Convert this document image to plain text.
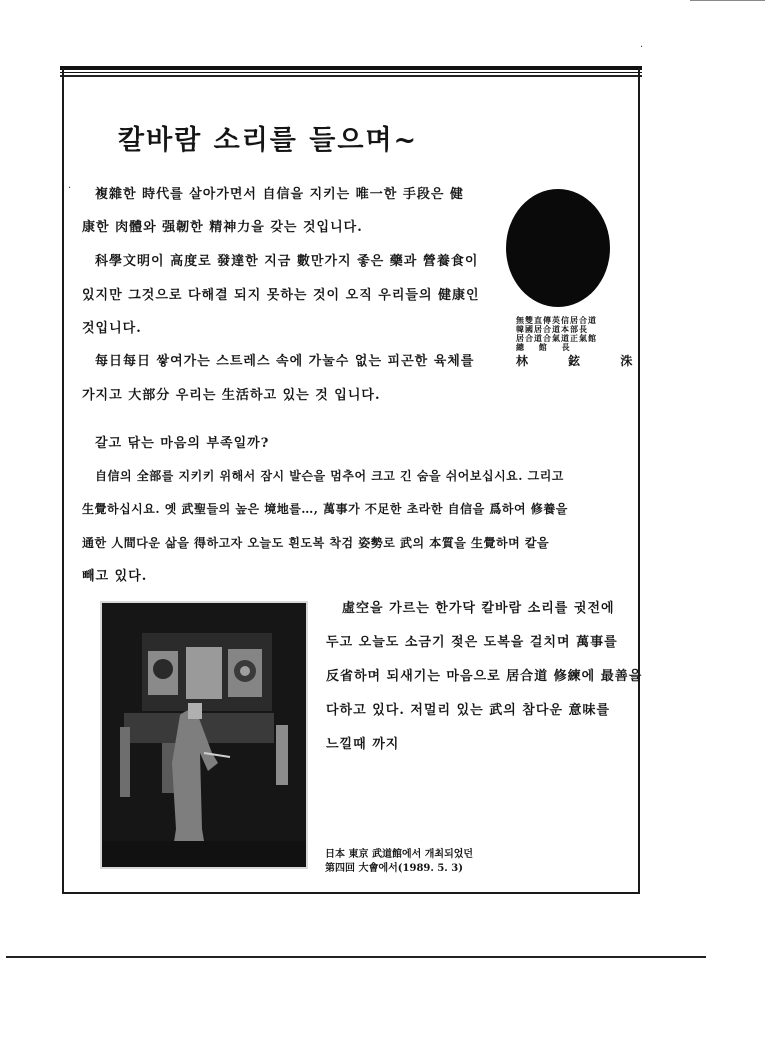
·
·
칼바람 소리를 들으며~
複雜한 時代를 살아가면서 自信을 지키는 唯一한 手段은 健
康한 肉體와 强韌한 精神力을 갖는 것입니다.
科學文明이 高度로 發達한 지금 數만가지 좋은 藥과 營養食이
있지만 그것으로 다해결 되지 못하는 것이 오직 우리들의 健康인
것입니다.
每日每日 쌓여가는 스트레스 속에 가눌수 없는 피곤한 육체를
가지고 大部分 우리는 生活하고 있는 것 입니다.
無雙直傳英信居合道
韓國居合道本部長
居合道合氣道正氣館
總 館 長
林 鉉 洙
갈고 닦는 마음의 부족일까?
自信의 全部를 지키키 위해서 잠시 발슨을 멈추어 크고 긴 숨을 쉬어보십시요. 그리고
生覺하십시요. 옛 武聖들의 높은 境地를…, 萬事가 不足한 초라한 自信을 爲하여 修養을
通한 人間다운 삶을 得하고자 오늘도 흰도복 착검 姿勢로 武의 本質을 生覺하며 칼을
빼고 있다.
虛空을 가르는 한가닥 칼바람 소리를 귓전에
두고 오늘도 소금기 젖은 도복을 걸치며 萬事를
反省하며 되새기는 마음으로 居合道 修練에 最善을
다하고 있다. 저멀리 있는 武의 참다운 意味를
느낄때 까지
日本 東京 武道館에서 개최되었던
第四回 大會에서(1989. 5. 3)
